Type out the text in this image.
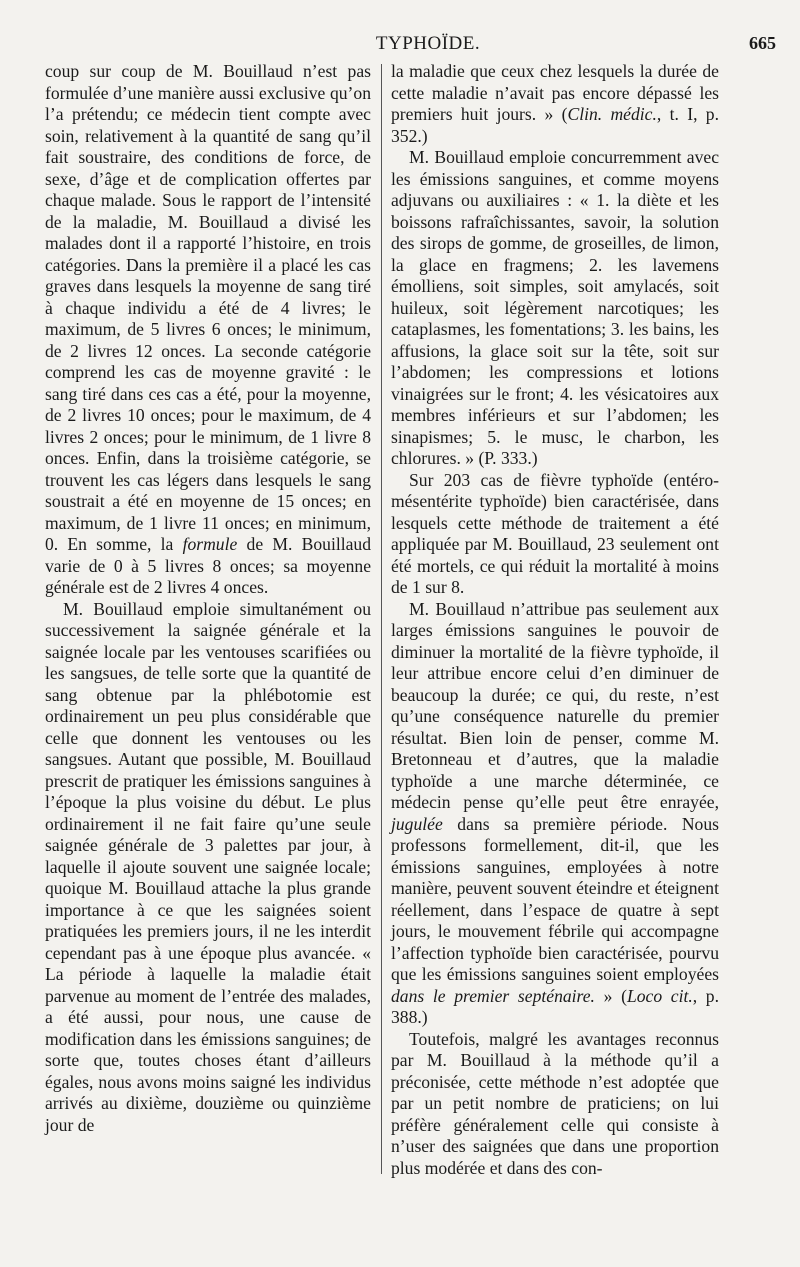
TYPHOÏDE.	665

coup sur coup de M. Bouillaud n’est pas formulée d’une manière aussi exclusive qu’on l’a prétendu; ce médecin tient compte avec soin, relativement à la quantité de sang qu’il fait soustraire, des conditions de force, de sexe, d’âge et de complication offertes par chaque malade. Sous le rapport de l’intensité de la maladie, M. Bouillaud a divisé les malades dont il a rapporté l’histoire, en trois catégories. Dans la première il a placé les cas graves dans lesquels la moyenne de sang tiré à chaque individu a été de 4 livres; le maximum, de 5 livres 6 onces; le minimum, de 2 livres 12 onces. La seconde catégorie comprend les cas de moyenne gravité : le sang tiré dans ces cas a été, pour la moyenne, de 2 livres 10 onces; pour le maximum, de 4 livres 2 onces; pour le minimum, de 1 livre 8 onces. Enfin, dans la troisième catégorie, se trouvent les cas légers dans lesquels le sang soustrait a été en moyenne de 15 onces; en maximum, de 1 livre 11 onces; en minimum, 0. En somme, la formule de M. Bouillaud varie de 0 à 5 livres 8 onces; sa moyenne générale est de 2 livres 4 onces.

M. Bouillaud emploie simultanément ou successivement la saignée générale et la saignée locale par les ventouses scarifiées ou les sangsues, de telle sorte que la quantité de sang obtenue par la phlébotomie est ordinairement un peu plus considérable que celle que donnent les ventouses ou les sangsues. Autant que possible, M. Bouillaud prescrit de pratiquer les émissions sanguines à l’époque la plus voisine du début. Le plus ordinairement il ne fait faire qu’une seule saignée générale de 3 palettes par jour, à laquelle il ajoute souvent une saignée locale; quoique M. Bouillaud attache la plus grande importance à ce que les saignées soient pratiquées les premiers jours, il ne les interdit cependant pas à une époque plus avancée. « La période à laquelle la maladie était parvenue au moment de l’entrée des malades, a été aussi, pour nous, une cause de modification dans les émissions sanguines; de sorte que, toutes choses étant d’ailleurs égales, nous avons moins saigné les individus arrivés au dixième, douzième ou quinzième jour de

la maladie que ceux chez lesquels la durée de cette maladie n’avait pas encore dépassé les premiers huit jours. » (Clin. médic., t. I, p. 352.)

M. Bouillaud emploie concurremment avec les émissions sanguines, et comme moyens adjuvans ou auxiliaires : « 1. la diète et les boissons rafraîchissantes, savoir, la solution des sirops de gomme, de groseilles, de limon, la glace en fragmens; 2. les lavemens émolliens, soit simples, soit amylacés, soit huileux, soit légèrement narcotiques; les cataplasmes, les fomentations; 3. les bains, les affusions, la glace soit sur la tête, soit sur l’abdomen; les compressions et lotions vinaigrées sur le front; 4. les vésicatoires aux membres inférieurs et sur l’abdomen; les sinapismes; 5. le musc, le charbon, les chlorures. » (P. 333.)

Sur 203 cas de fièvre typhoïde (entéro-mésentérite typhoïde) bien caractérisée, dans lesquels cette méthode de traitement a été appliquée par M. Bouillaud, 23 seulement ont été mortels, ce qui réduit la mortalité à moins de 1 sur 8.

M. Bouillaud n’attribue pas seulement aux larges émissions sanguines le pouvoir de diminuer la mortalité de la fièvre typhoïde, il leur attribue encore celui d’en diminuer de beaucoup la durée; ce qui, du reste, n’est qu’une conséquence naturelle du premier résultat. Bien loin de penser, comme M. Bretonneau et d’autres, que la maladie typhoïde a une marche déterminée, ce médecin pense qu’elle peut être enrayée, jugulée dans sa première période. Nous professons formellement, dit-il, que les émissions sanguines, employées à notre manière, peuvent souvent éteindre et éteignent réellement, dans l’espace de quatre à sept jours, le mouvement fébrile qui accompagne l’affection typhoïde bien caractérisée, pourvu que les émissions sanguines soient employées dans le premier septénaire. » (Loco cit., p. 388.)

Toutefois, malgré les avantages reconnus par M. Bouillaud à la méthode qu’il a préconisée, cette méthode n’est adoptée que par un petit nombre de praticiens; on lui préfère généralement celle qui consiste à n’user des saignées que dans une proportion plus modérée et dans des con-
